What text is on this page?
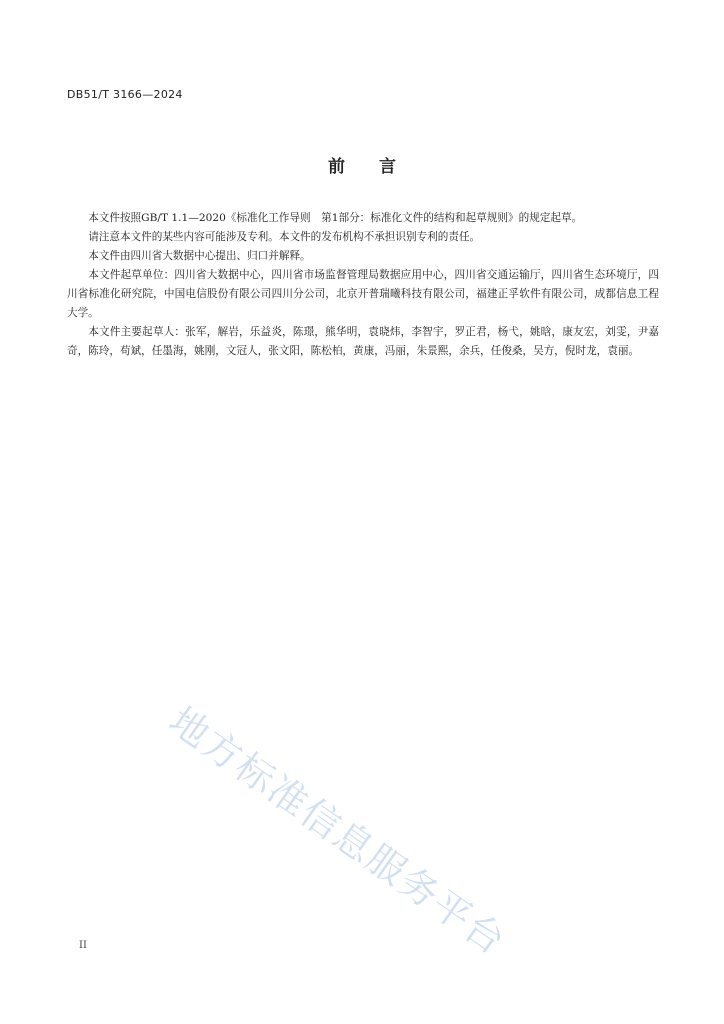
DB51/T 3166—2024
前 言

本文件按照GB/T 1.1—2020《标准化工作导则　第1部分：标准化文件的结构和起草规则》的规定起草。

请注意本文件的某些内容可能涉及专利。本文件的发布机构不承担识别专利的责任。

本文件由四川省大数据中心提出、归口并解释。

本文件起草单位：四川省大数据中心，四川省市场监督管理局数据应用中心，四川省交通运输厅，四川省生态环境厅，四川省标准化研究院，中国电信股份有限公司四川分公司，北京开普瑞曦科技有限公司，福建正孚软件有限公司，成都信息工程大学。

本文件主要起草人：张军，解岩，乐益炎，陈璟，熊华明，袁晓炜，李智宇，罗正君，杨弋，姚晗，康友宏，刘雯，尹嘉奇，陈玲，苟斌，任墨海，姚刚，文冠人，张文阳，陈松柏，黄康，冯丽，朱景熙，余兵，任俊桑，吴方，倪时龙，袁丽。

地方标准信息服务平台
II
